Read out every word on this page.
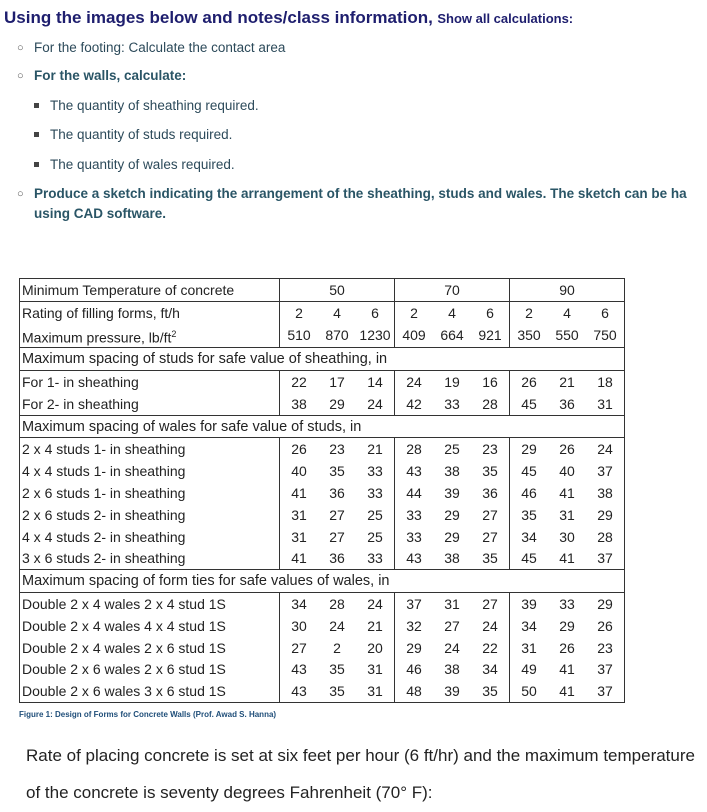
Using the images below and notes/class information, Show all calculations:
○ For the footing: Calculate the contact area
○ For the walls, calculate:
The quantity of sheathing required.
The quantity of studs required.
The quantity of wales required.
○ Produce a sketch indicating the arrangement of the sheathing, studs and wales. The sketch can be ha
using CAD software.
Minimum Temperature of concrete	50			70			90		
Rating of filling forms, ft/h	2	4	6	2	4	6	2	4	6
Maximum pressure, $lb/ft^2$	510	870	1230	409	664	921	350	550	750
Maximum spacing of studs for safe value of sheathing, in									
For 1- in sheathing	22	17	14	24	19	16	26	21	18
For 2- in sheathing	38	29	24	42	33	28	45	36	31
Maximum spacing of wales for safe value of studs, in									
2 x 4 studs 1- in sheathing	26	23	21	28	25	23	29	26	24
4 x 4 studs 1- in sheathing	40	35	33	43	38	35	45	40	37
2 x 6 studs 1- in sheathing	41	36	33	44	39	36	46	41	38
2 x 6 studs 2- in sheathing	31	27	25	33	29	27	35	31	29
4 x 4 studs 2- in sheathing	31	27	25	33	29	27	34	30	28
3 x 6 studs 2- in sheathing	41	36	33	43	38	35	45	41	37
Maximum spacing of form ties for safe values of wales, in									
Double 2 x 4 wales 2 x 4 stud 1S	34	28	24	37	31	27	39	33	29
Double 2 x 4 wales 4 x 4 stud 1S	30	24	21	32	27	24	34	29	26
Double 2 x 4 wales 2 x 6 stud 1S	27	2	20	29	24	22	31	26	23
Double 2 x 6 wales 2 x 6 stud 1S	43	35	31	46	38	34	49	41	37
Double 2 x 6 wales 3 x 6 stud 1S	43	35	31	48	39	35	50	41	37
Figure 1: Design of Forms for Concrete Walls (Prof. Awad S. Hanna)
Rate of placing concrete is set at six feet per hour (6 ft/hr) and the maximum temperature of the concrete is seventy degrees Fahrenheit (70° F):
